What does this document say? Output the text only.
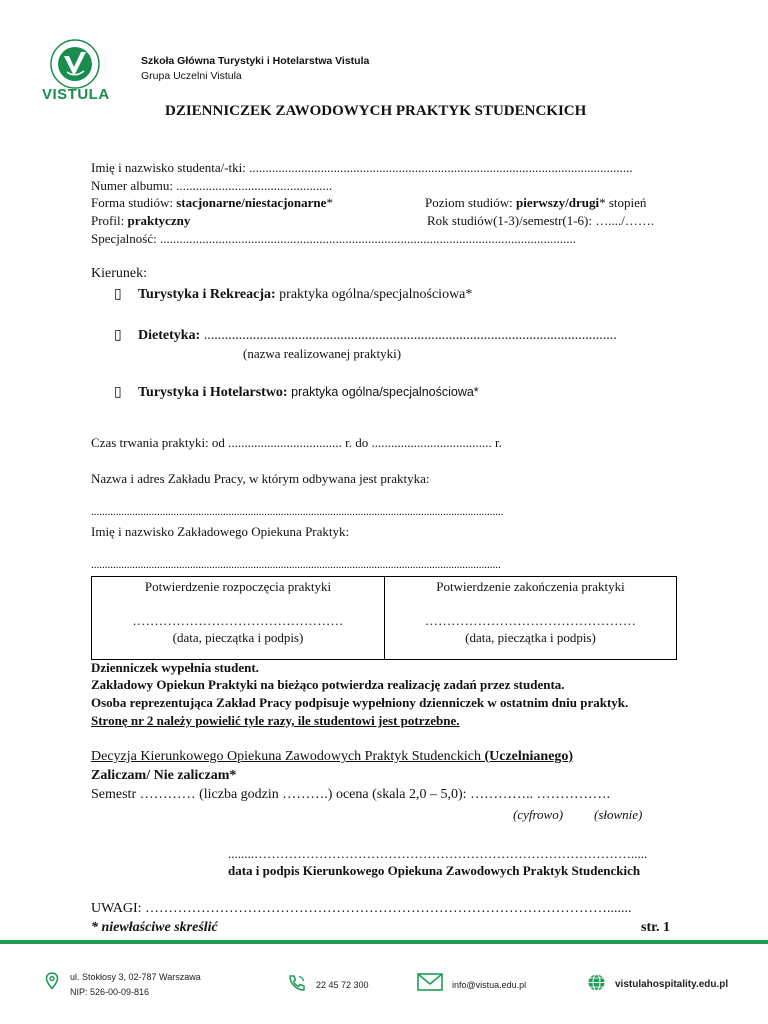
VISTULA
Szkoła Główna Turystyki i Hotelarstwa Vistula
Grupa Uczelni Vistula
DZIENNICZEK ZAWODOWYCH PRAKTYK STUDENCKICH
Imię i nazwisko studenta/-tki: ......................................................................................................................
Numer albumu: ................................................
Forma studiów: stacjonarne/niestacjonarne*	Poziom studiów: pierwszy/drugi* stopień
Profil: praktyczny	Rok studiów(1-3)/semestr(1-6): …..../…….
Specjalność: ................................................................................................................................
Kierunek:
▯ Turystyka i Rekreacja: praktyka ogólna/specjalnościowa*
▯ Dietetyka: ......................................................................................................................
(nazwa realizowanej praktyki)
▯ Turystyka i Hotelarstwo: praktyka ogólna/specjalnościowa*
Czas trwania praktyki: od ................................... r. do ..................................... r.
Nazwa i adres Zakładu Pracy, w którym odbywana jest praktyka:
......................................................................................................................................................
Imię i nazwisko Zakładowego Opiekuna Praktyk:
.....................................................................................................................................................
Potwierdzenie rozpoczęcia praktyki
…………………………………………
(data, pieczątka i podpis)
Potwierdzenie zakończenia praktyki
…………………………………………
(data, pieczątka i podpis)
Dzienniczek wypełnia student.
Zakładowy Opiekun Praktyki na bieżąco potwierdza realizację zadań przez studenta.
Osoba reprezentująca Zakład Pracy podpisuje wypełniony dzienniczek w ostatnim dniu praktyk.
Stronę nr 2 należy powielić tyle razy, ile studentowi jest potrzebne.
Decyzja Kierunkowego Opiekuna Zawodowych Praktyk Studenckich (Uczelnianego)
Zaliczam/ Nie zaliczam*
Semestr ………… (liczba godzin ……….) ocena (skala 2,0 – 5,0): ………….. …………….
(cyfrowo) (słownie)
........…………………………………………………………………………….....
data i podpis Kierunkowego Opiekuna Zawodowych Praktyk Studenckich
UWAGI: ……………………………………………………………………………………….......
* niewłaściwe skreślić	str. 1
ul. Stokłosy 3, 02-787 Warszawa
NIP: 526-00-09-816
22 45 72 300	info@vistua.edu.pl	vistulahospitality.edu.pl
